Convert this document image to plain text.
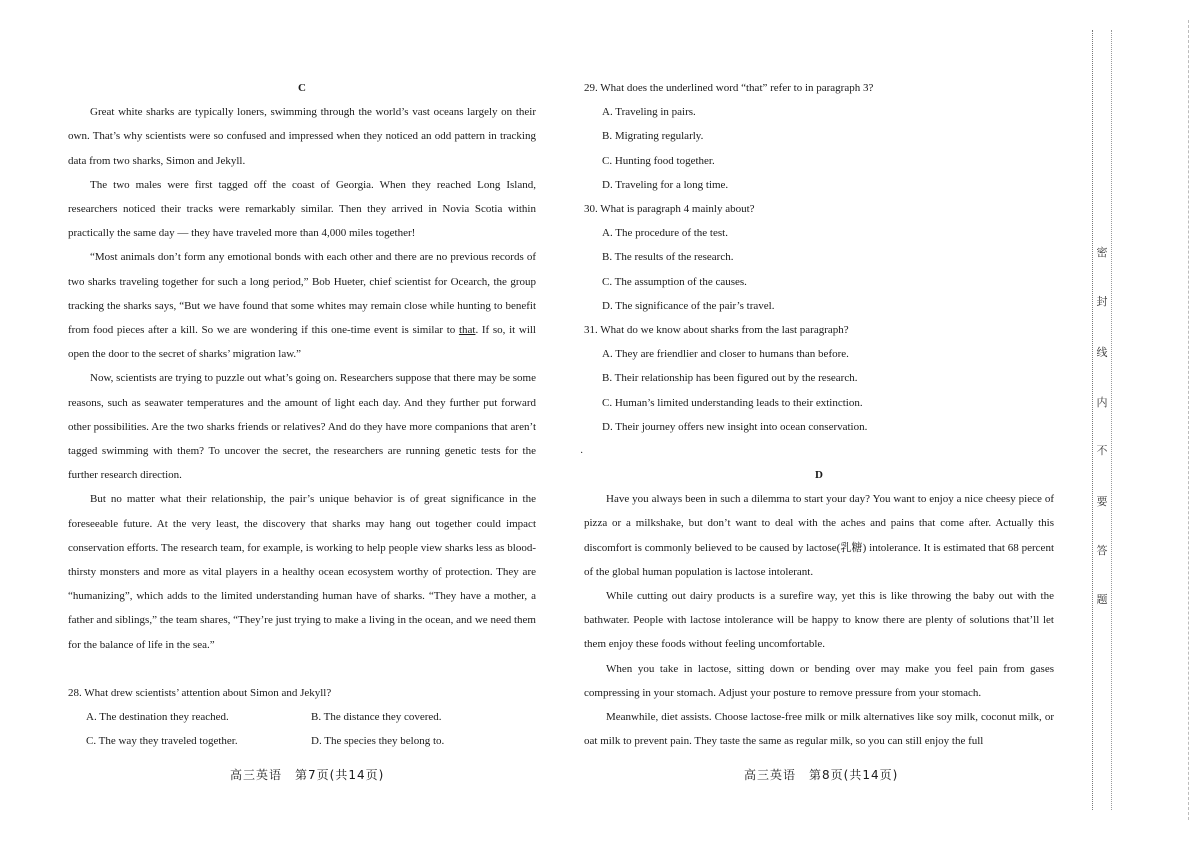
C

Great white sharks are typically loners, swimming through the world’s vast oceans largely on their own. That’s why scientists were so confused and impressed when they noticed an odd pattern in tracking data from two sharks, Simon and Jekyll.

The two males were first tagged off the coast of Georgia. When they reached Long Island, researchers noticed their tracks were remarkably similar. Then they arrived in Novia Scotia within practically the same day — they have traveled more than 4,000 miles together!

“Most animals don’t form any emotional bonds with each other and there are no previous records of two sharks traveling together for such a long period,” Bob Hueter, chief scientist for Ocearch, the group tracking the sharks says, “But we have found that some whites may remain close while hunting to benefit from food pieces after a kill. So we are wondering if this one-time event is similar to that. If so, it will open the door to the secret of sharks’ migration law.”

Now, scientists are trying to puzzle out what’s going on. Researchers suppose that there may be some reasons, such as seawater temperatures and the amount of light each day. And they further put forward other possibilities. Are the two sharks friends or relatives? And do they have more companions that aren’t tagged swimming with them? To uncover the secret, the researchers are running genetic tests for the further research direction.

But no matter what their relationship, the pair’s unique behavior is of great significance in the foreseeable future. At the very least, the discovery that sharks may hang out together could impact conservation efforts. The research team, for example, is working to help people view sharks less as blood-thirsty monsters and more as vital players in a healthy ocean ecosystem worthy of protection. They are “humanizing”, which adds to the limited understanding human have of sharks. “They have a mother, a father and siblings,” the team shares, “They’re just trying to make a living in the ocean, and we need them for the balance of life in the sea.”

28. What drew scientists’ attention about Simon and Jekyll?

A. The destination they reached.	B. The distance they covered.
C. The way they traveled together.	D. The species they belong to.

29. What does the underlined word “that” refer to in paragraph 3?

A. Traveling in pairs.

B. Migrating regularly.

C. Hunting food together.

D. Traveling for a long time.

30. What is paragraph 4 mainly about?

A. The procedure of the test.

B. The results of the research.

C. The assumption of the causes.

D. The significance of the pair’s travel.

31. What do we know about sharks from the last paragraph?

A. They are friendlier and closer to humans than before.

B. Their relationship has been figured out by the research.

C. Human’s limited understanding leads to their extinction.

D. Their journey offers new insight into ocean conservation.

D

Have you always been in such a dilemma to start your day? You want to enjoy a nice cheesy piece of pizza or a milkshake, but don’t want to deal with the aches and pains that come after. Actually this discomfort is commonly believed to be caused by lactose(乳糖) intolerance. It is estimated that 68 percent of the global human population is lactose intolerant.

While cutting out dairy products is a surefire way, yet this is like throwing the baby out with the bathwater. People with lactose intolerance will be happy to know there are plenty of solutions that’ll let them enjoy these foods without feeling uncomfortable.

When you take in lactose, sitting down or bending over may make you feel pain from gases compressing in your stomach. Adjust your posture to remove pressure from your stomach.

Meanwhile, diet assists. Choose lactose-free milk or milk alternatives like soy milk, coconut milk, or oat milk to prevent pain. They taste the same as regular milk, so you can still enjoy the full

·
高三英语　第7页(共14页)	高三英语　第8页(共14页)
密
封
线
内
不
要
答
题
